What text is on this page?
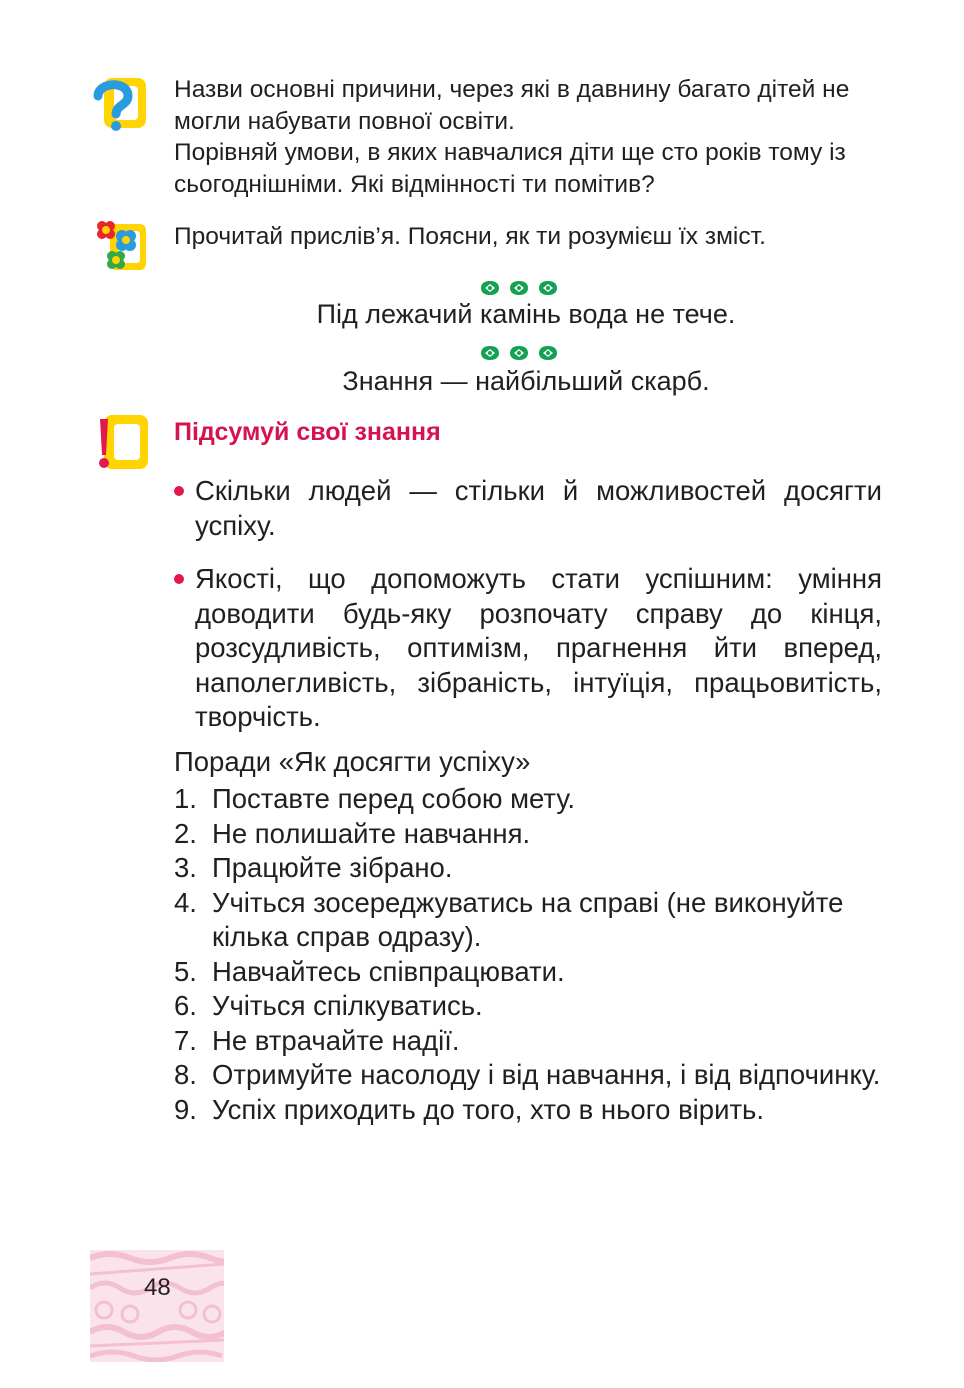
Назви основні причини, через які в давнину багато дітей не могли набувати повної освіти.

Порівняй умови, в яких навчалися діти ще сто років тому із сьогоднішніми. Які відмінності ти помітив?

Прочитай прислів’я. Поясни, як ти розумієш їх зміст.

Під лежачий камінь вода не тече.

Знання — найбільший скарб.

Підсумуй свої знання

Скільки людей — стільки й можливостей досягти успіху.
Якості, що допоможуть стати успішним: уміння доводити будь-яку розпочату справу до кінця, розсудливість, оптимізм, прагнення йти вперед, наполегливість, зібраність, інтуїція, працьовитість, творчість.

Поради «Як досягти успіху»

1. Поставте перед собою мету.
2. Не полишайте навчання.
3. Працюйте зібрано.
4. Учіться зосереджуватись на справі (не виконуйте кілька справ одразу).
5. Навчайтесь співпрацювати.
6. Учіться спілкуватись.
7. Не втрачайте надії.
8. Отримуйте насолоду і від навчання, і від відпочинку.
9. Успіх приходить до того, хто в нього вірить.

48
